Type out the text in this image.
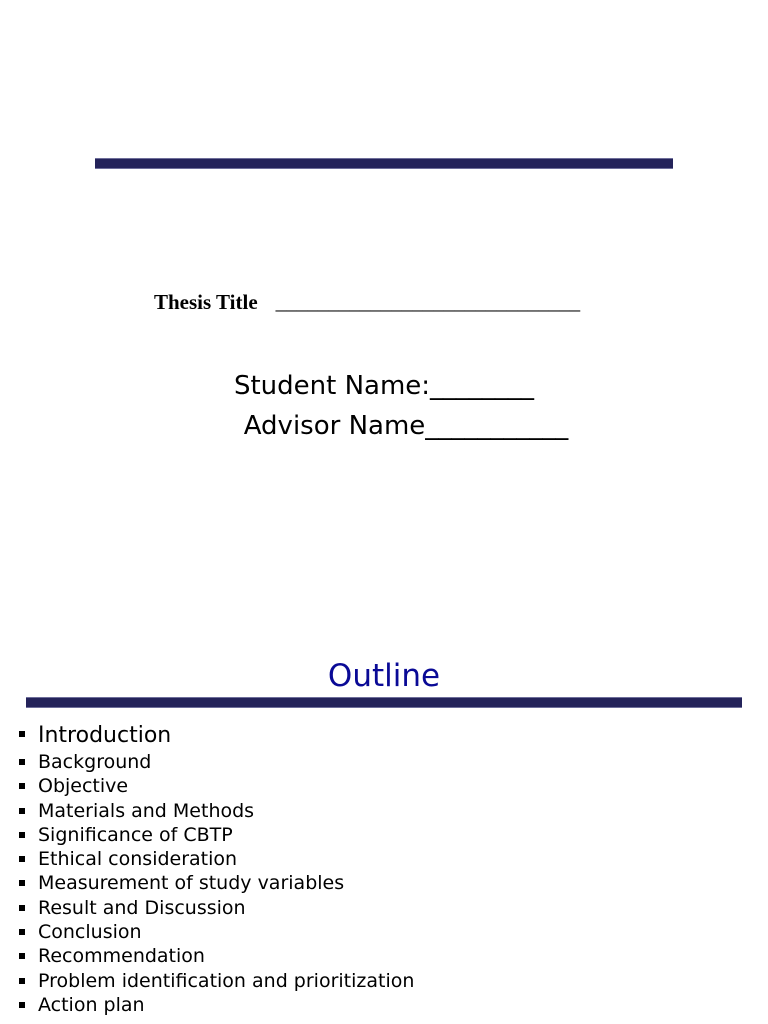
Thesis Title _____________________________
Student Name:________
Advisor Name___________
Outline
Introduction
Background
Objective
Materials and Methods
Significance of CBTP
Ethical consideration
Measurement of study variables
Result and Discussion
Conclusion
Recommendation
Problem identification and prioritization
Action plan
